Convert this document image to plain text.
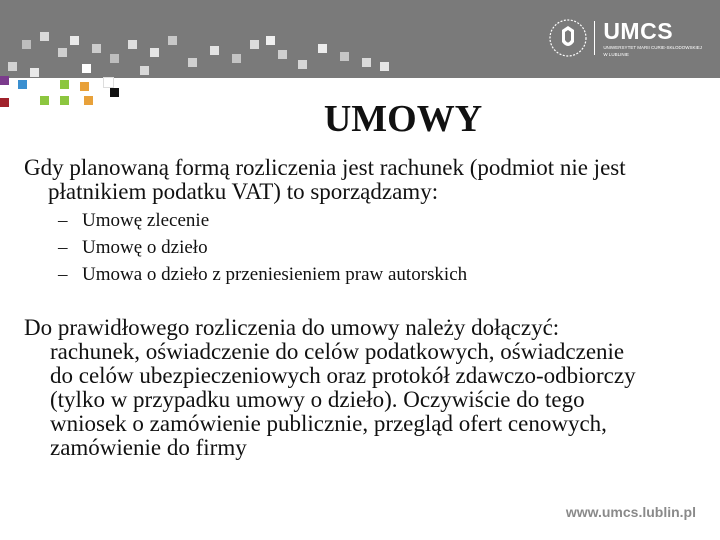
UMCS
UNIWERSYTET MARII CURIE-SKŁODOWSKIEJ
W LUBLINIE
UMOWY
Gdy planowaną formą rozliczenia jest rachunek (podmiot nie jest
płatnikiem podatku VAT) to sporządzamy:
– Umowę zlecenie
– Umowę o dzieło
– Umowa o dzieło z przeniesieniem praw autorskich
Do prawidłowego rozliczenia do umowy należy dołączyć:
rachunek, oświadczenie do celów podatkowych, oświadczenie
do celów ubezpieczeniowych oraz protokół zdawczo-odbiorczy
(tylko w przypadku umowy o dzieło). Oczywiście do tego
wniosek o zamówienie publicznie, przegląd ofert cenowych,
zamówienie do firmy
www.umcs.lublin.pl
